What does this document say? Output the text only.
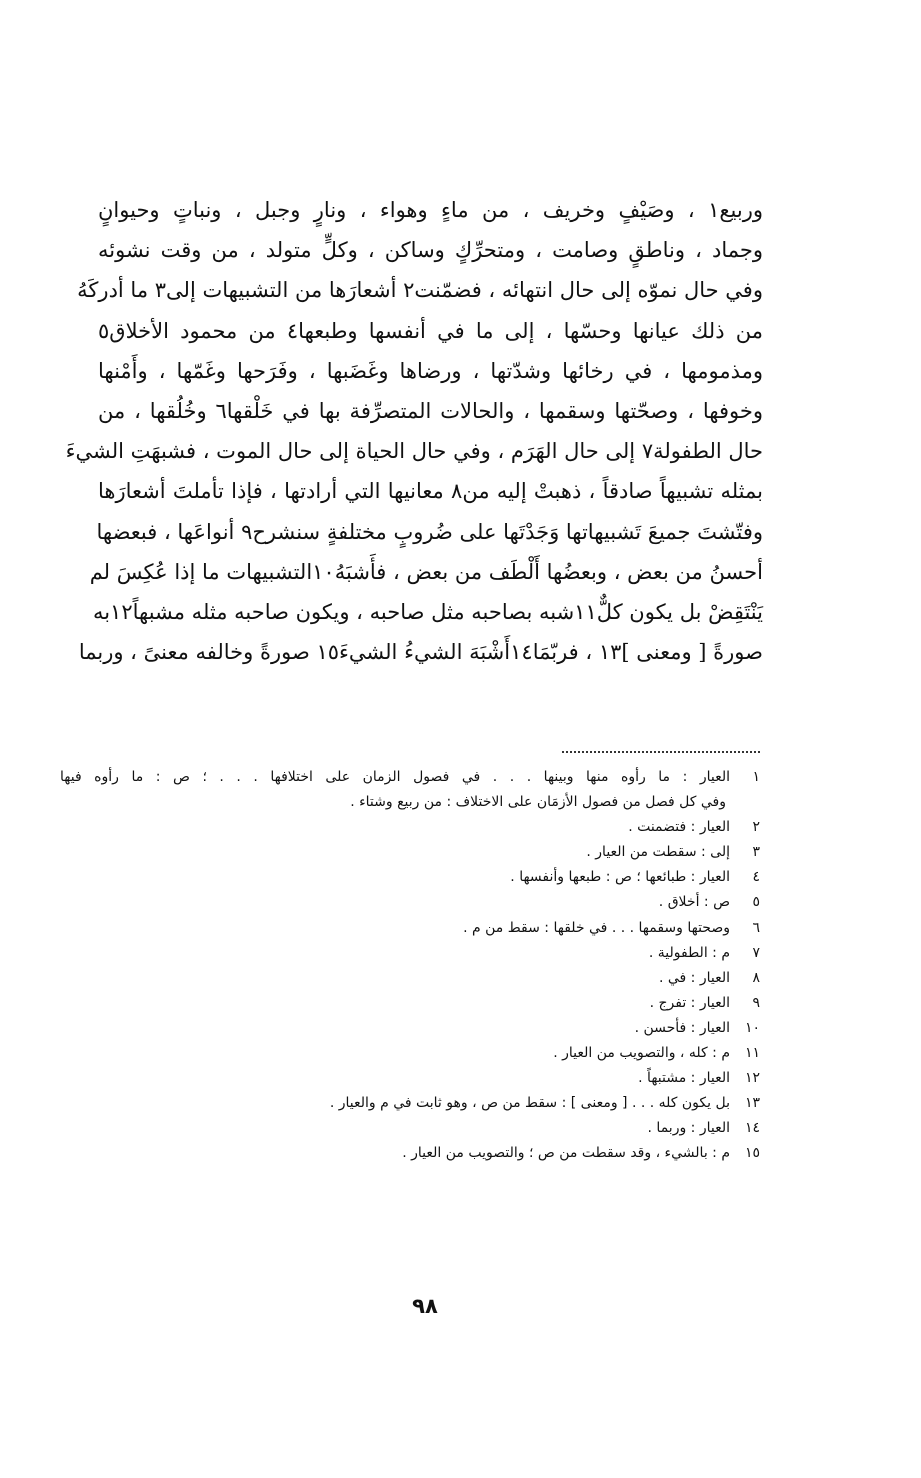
وربيع١ ، وصَيْفٍ وخريف ، من ماءٍ وهواء ، ونارٍ وجبل ، ونباتٍ وحيوانٍ
وجماد ، وناطقٍ وصامت ، ومتحرِّكٍ وساكن ، وكلٍّ متولد ، من وقت نشوئه
وفي حال نموّه إلى حال انتهائه ، فضمّنت٢ أشعارَها من التشبيهات إلى٣ ما أدركَهُ
من ذلك عيانها وحسّها ، إلى ما في أنفسها وطبعها٤ من محمود الأخلاق٥
ومذمومها ، في رخائها وشدّتها ، ورضاها وغَضَبها ، وفَرَحها وغَمّها ، وأَمْنها
وخوفها ، وصحّتها وسقمها ، والحالات المتصرِّفة بها في خَلْقها٦ وخُلُقها ، من
حال الطفولة٧ إلى حال الهَرَم ، وفي حال الحياة إلى حال الموت ، فشبهَتِ الشيءَ
بمثله تشبيهاً صادقاً ، ذهبتْ إليه من٨ معانيها التي أرادتها ، فإذا تأملتَ أشعارَها
وفتّشتَ جميعَ تَشبيهاتها وَجَدْتَها على ضُروبٍ مختلفةٍ سنشرح٩ أنواعَها ، فبعضها
أحسنُ من بعض ، وبعضُها أَلْطَف من بعض ، فأَشبَهُ١٠التشبيهات ما إذا عُكِسَ لم
يَنْتَقِضْ بل يكون كلٌّ١١شبه بصاحبه مثل صاحبه ، ويكون صاحبه مثله مشبهاً١٢به
صورةً [ ومعنى ]١٣ ، فربّمَا١٤أَشْبَهَ الشيءُ الشيءَ١٥ صورةً وخالفه معنىً ، وربما
١
العيار : ما رأوه منها وبينها . . . في فصول الزمان على اختلافها . . . ؛ ص : ما رأوه فيها
وفي كل فصل من فصول الأزمَان على الاختلاف : من ربيع وشتاء .
٢
العيار : فتضمنت .
٣
إلى : سقطت من العيار .
٤
العيار : طبائعها ؛ ص : طبعها وأنفسها .
٥
ص : أخلاق .
٦
وصحتها وسقمها . . . في خلقها : سقط من م .
٧
م : الطفولية .
٨
العيار : في .
٩
العيار : تفرج .
١٠
العيار : فأحسن .
١١
م : كله ، والتصويب من العيار .
١٢
العيار : مشتبهاً .
١٣
بل يكون كله . . . [ ومعنى ] : سقط من ص ، وهو ثابت في م والعيار .
١٤
العيار : وربما .
١٥
م : بالشيء ، وقد سقطت من ص ؛ والتصويب من العيار .
٩٨
